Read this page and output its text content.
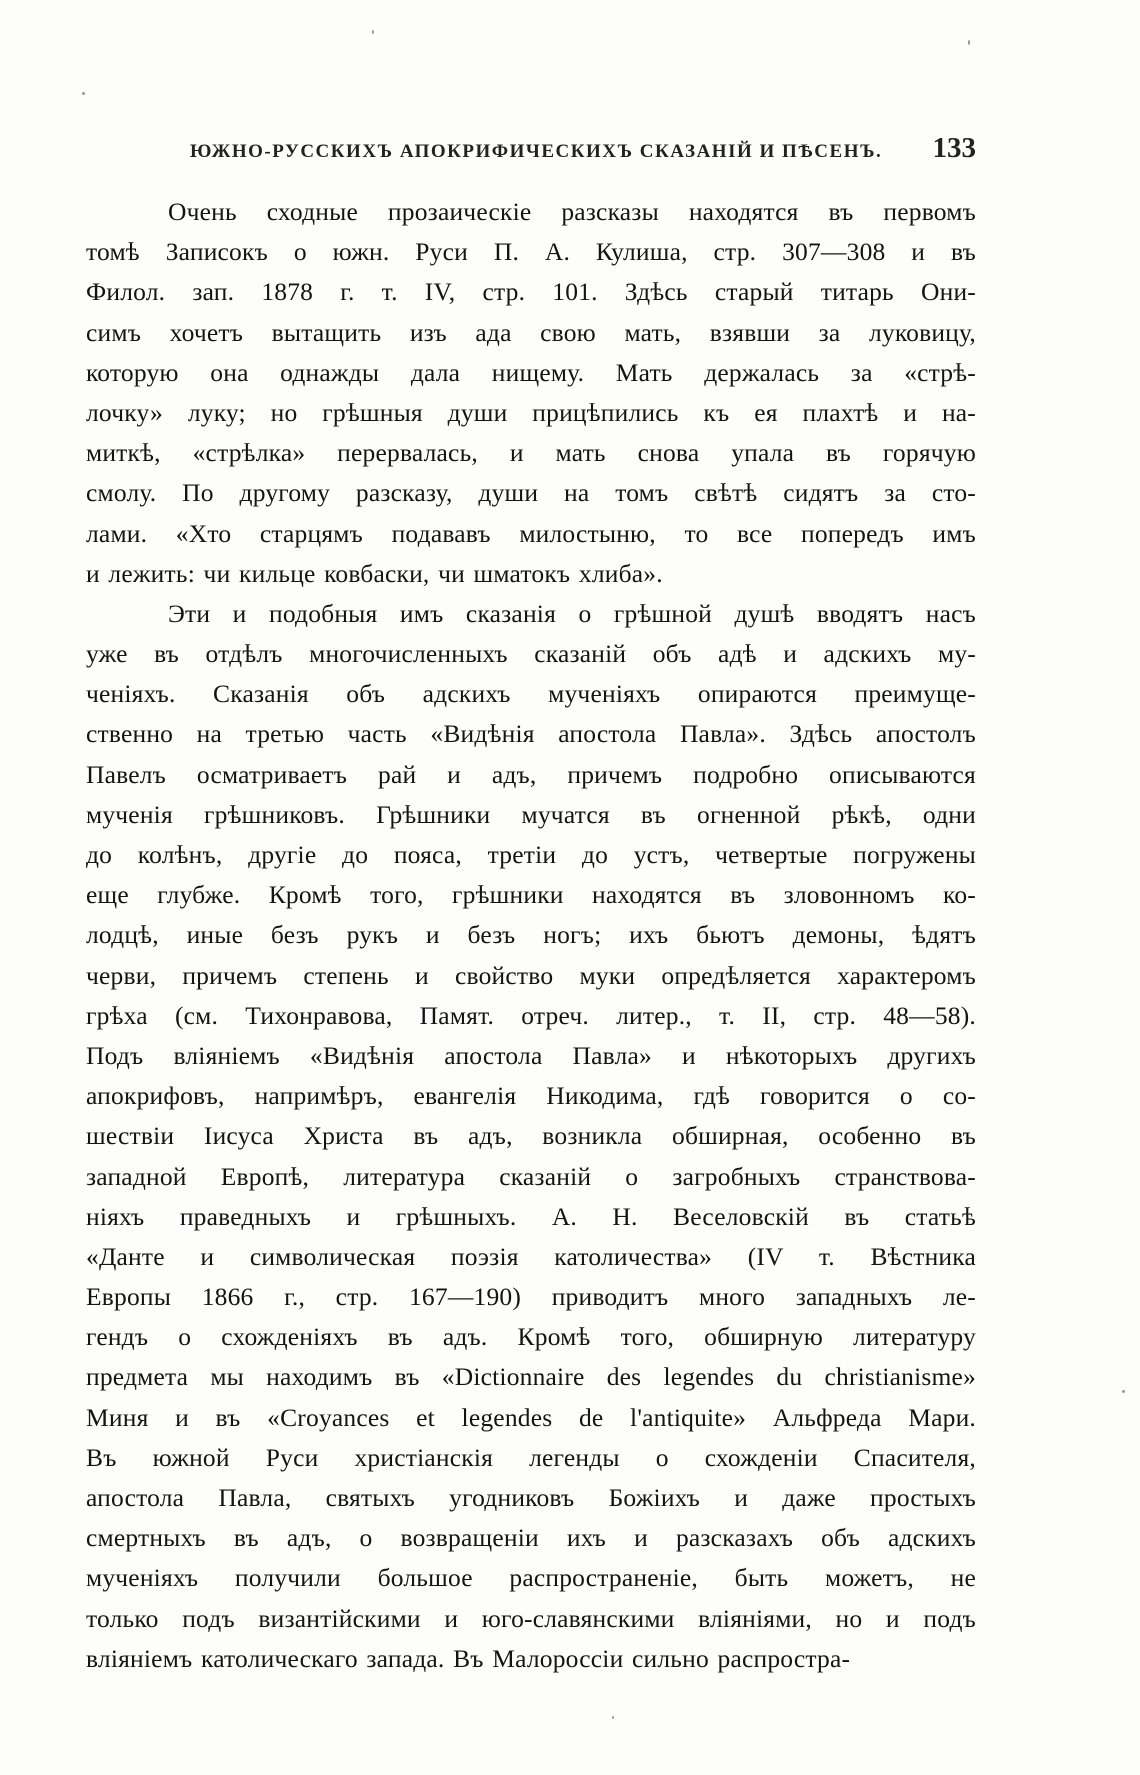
ЮЖНО-РУССКИХЪ АПОКРИФИЧЕСКИХЪ СКАЗАНІЙ И ПѢСЕНЪ. 133
Очень сходные прозаическіе разсказы находятся въ первомъ
томѣ Записокъ о южн. Руси П. А. Кулиша, стр. 307—308 и въ
Филол. зап. 1878 г. т. IV, стр. 101. Здѣсь старый титарь Они-
симъ хочетъ вытащить изъ ада свою мать, взявши за луковицу,
которую она однажды дала нищему. Мать держалась за «стрѣ-
лочку» луку; но грѣшныя души прицѣпились къ ея плахтѣ и на-
миткѣ, «стрѣлка» перервалась, и мать снова упала въ горячую
смолу. По другому разсказу, души на томъ свѣтѣ сидятъ за сто-
лами. «Хто старцямъ подававъ милостыню, то все попередъ имъ
и лежить: чи кильце ковбаски, чи шматокъ хлиба».
Эти и подобныя имъ сказанія о грѣшной душѣ вводятъ насъ
уже въ отдѣлъ многочисленныхъ сказаній объ адѣ и адскихъ му-
ченіяхъ. Сказанія объ адскихъ мученіяхъ опираются преимуще-
ственно на третью часть «Видѣнія апостола Павла». Здѣсь апостолъ
Павелъ осматриваетъ рай и адъ, причемъ подробно описываются
мученія грѣшниковъ. Грѣшники мучатся въ огненной рѣкѣ, одни
до колѣнъ, другіе до пояса, третіи до устъ, четвертые погружены
еще глубже. Кромѣ того, грѣшники находятся въ зловонномъ ко-
лодцѣ, иные безъ рукъ и безъ ногъ; ихъ бьютъ демоны, ѣдятъ
черви, причемъ степень и свойство муки опредѣляется характеромъ
грѣха (см. Тихонравова, Памят. отреч. литер., т. II, стр. 48—58).
Подъ вліяніемъ «Видѣнія апостола Павла» и нѣкоторыхъ другихъ
апокрифовъ, напримѣръ, евангелія Никодима, гдѣ говорится о со-
шествіи Іисуса Христа въ адъ, возникла обширная, особенно въ
западной Европѣ, литература сказаній о загробныхъ странствова-
ніяхъ праведныхъ и грѣшныхъ. А. Н. Веселовскій въ статьѣ
«Данте и символическая поэзія католичества» (IV т. Вѣстника
Европы 1866 г., стр. 167—190) приводитъ много западныхъ ле-
гендъ о схожденіяхъ въ адъ. Кромѣ того, обширную литературу
предмета мы находимъ въ «Dictionnaire des legendes du christianisme»
Миня и въ «Croyances et legendes de l'antiquite» Альфреда Мари.
Въ южной Руси христіанскія легенды о схожденіи Спасителя,
апостола Павла, святыхъ угодниковъ Божіихъ и даже простыхъ
смертныхъ въ адъ, о возвращеніи ихъ и разсказахъ объ адскихъ
мученіяхъ получили большое распространеніе, быть можетъ, не
только подъ византійскими и юго-славянскими вліяніями, но и подъ
вліяніемъ католическаго запада. Въ Малороссіи сильно распростра-
